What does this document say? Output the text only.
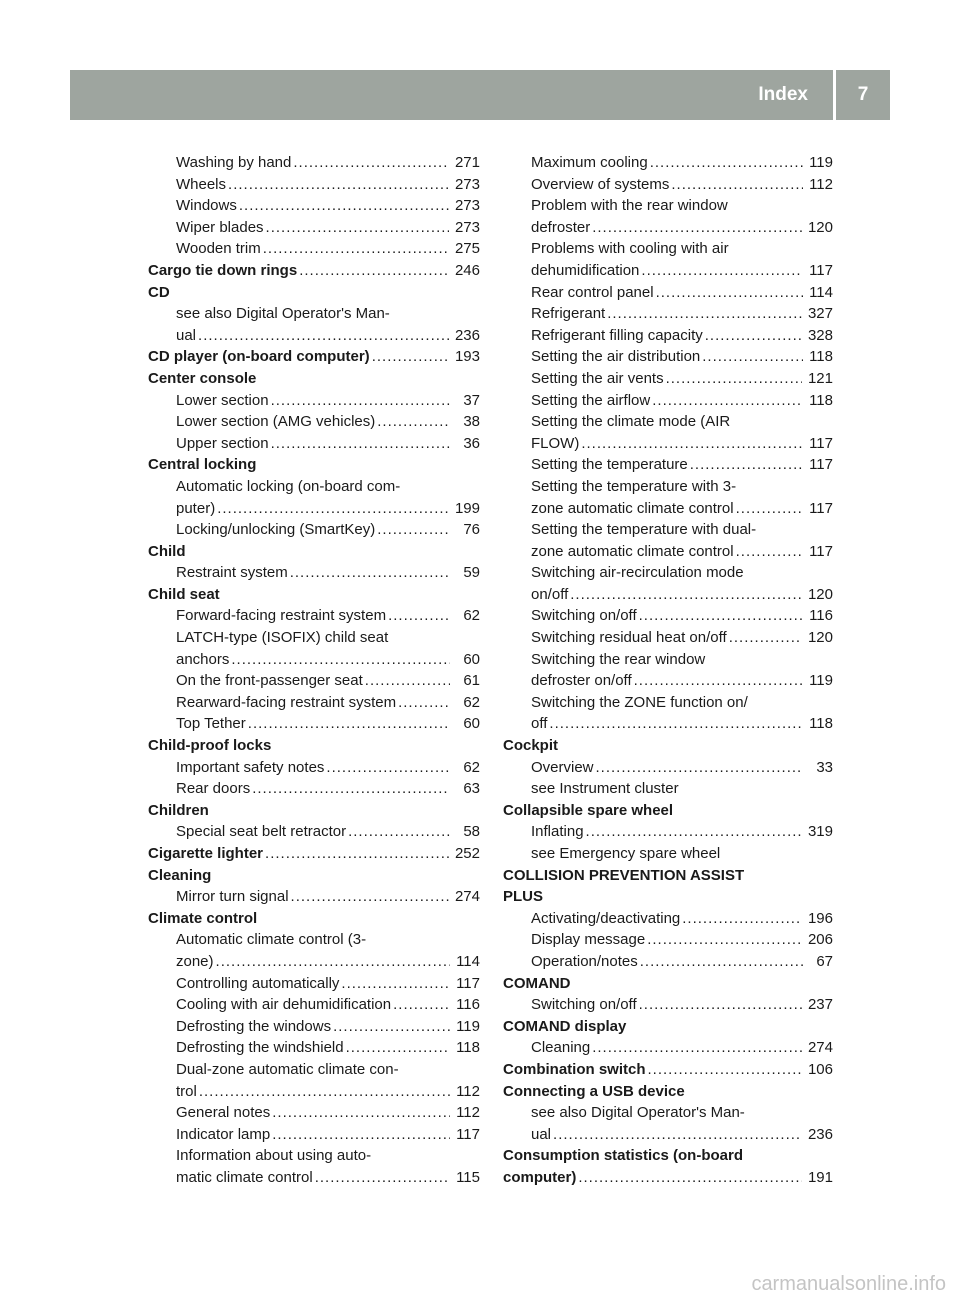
Index	7
Washing by hand .....	271
Wheels .....	273
Windows .....	273
Wiper blades .....	273
Wooden trim .....	275
Cargo tie down rings .....	246
CD
see also Digital Operator's Man-
ual .....	236
CD player (on-board computer) .....	193
Center console
Lower section .....	37
Lower section (AMG vehicles) .....	38
Upper section .....	36
Central locking
Automatic locking (on-board com-
puter) .....	199
Locking/unlocking (SmartKey) .....	76
Child
Restraint system .....	59
Child seat
Forward-facing restraint system .....	62
LATCH-type (ISOFIX) child seat
anchors .....	60
On the front-passenger seat .....	61
Rearward-facing restraint system .....	62
Top Tether .....	60
Child-proof locks
Important safety notes .....	62
Rear doors .....	63
Children
Special seat belt retractor .....	58
Cigarette lighter .....	252
Cleaning
Mirror turn signal .....	274
Climate control
Automatic climate control (3-
zone) .....	114
Controlling automatically .....	117
Cooling with air dehumidification .....	116
Defrosting the windows .....	119
Defrosting the windshield .....	118
Dual-zone automatic climate con-
trol .....	112
General notes .....	112
Indicator lamp .....	117
Information about using auto-
matic climate control .....	115
Maximum cooling .....	119
Overview of systems .....	112
Problem with the rear window
defroster .....	120
Problems with cooling with air
dehumidification .....	117
Rear control panel .....	114
Refrigerant .....	327
Refrigerant filling capacity .....	328
Setting the air distribution .....	118
Setting the air vents .....	121
Setting the airflow .....	118
Setting the climate mode (AIR
FLOW) .....	117
Setting the temperature .....	117
Setting the temperature with 3-
zone automatic climate control .....	117
Setting the temperature with dual-
zone automatic climate control .....	117
Switching air-recirculation mode
on/off .....	120
Switching on/off .....	116
Switching residual heat on/off .....	120
Switching the rear window
defroster on/off .....	119
Switching the ZONE function on/
off .....	118
Cockpit
Overview .....	33
see Instrument cluster
Collapsible spare wheel
Inflating .....	319
see Emergency spare wheel
COLLISION PREVENTION ASSIST
PLUS
Activating/deactivating .....	196
Display message .....	206
Operation/notes .....	67
COMAND
Switching on/off .....	237
COMAND display
Cleaning .....	274
Combination switch .....	106
Connecting a USB device
see also Digital Operator's Man-
ual .....	236
Consumption statistics (on-board
computer) .....	191
carmanualsonline.info
